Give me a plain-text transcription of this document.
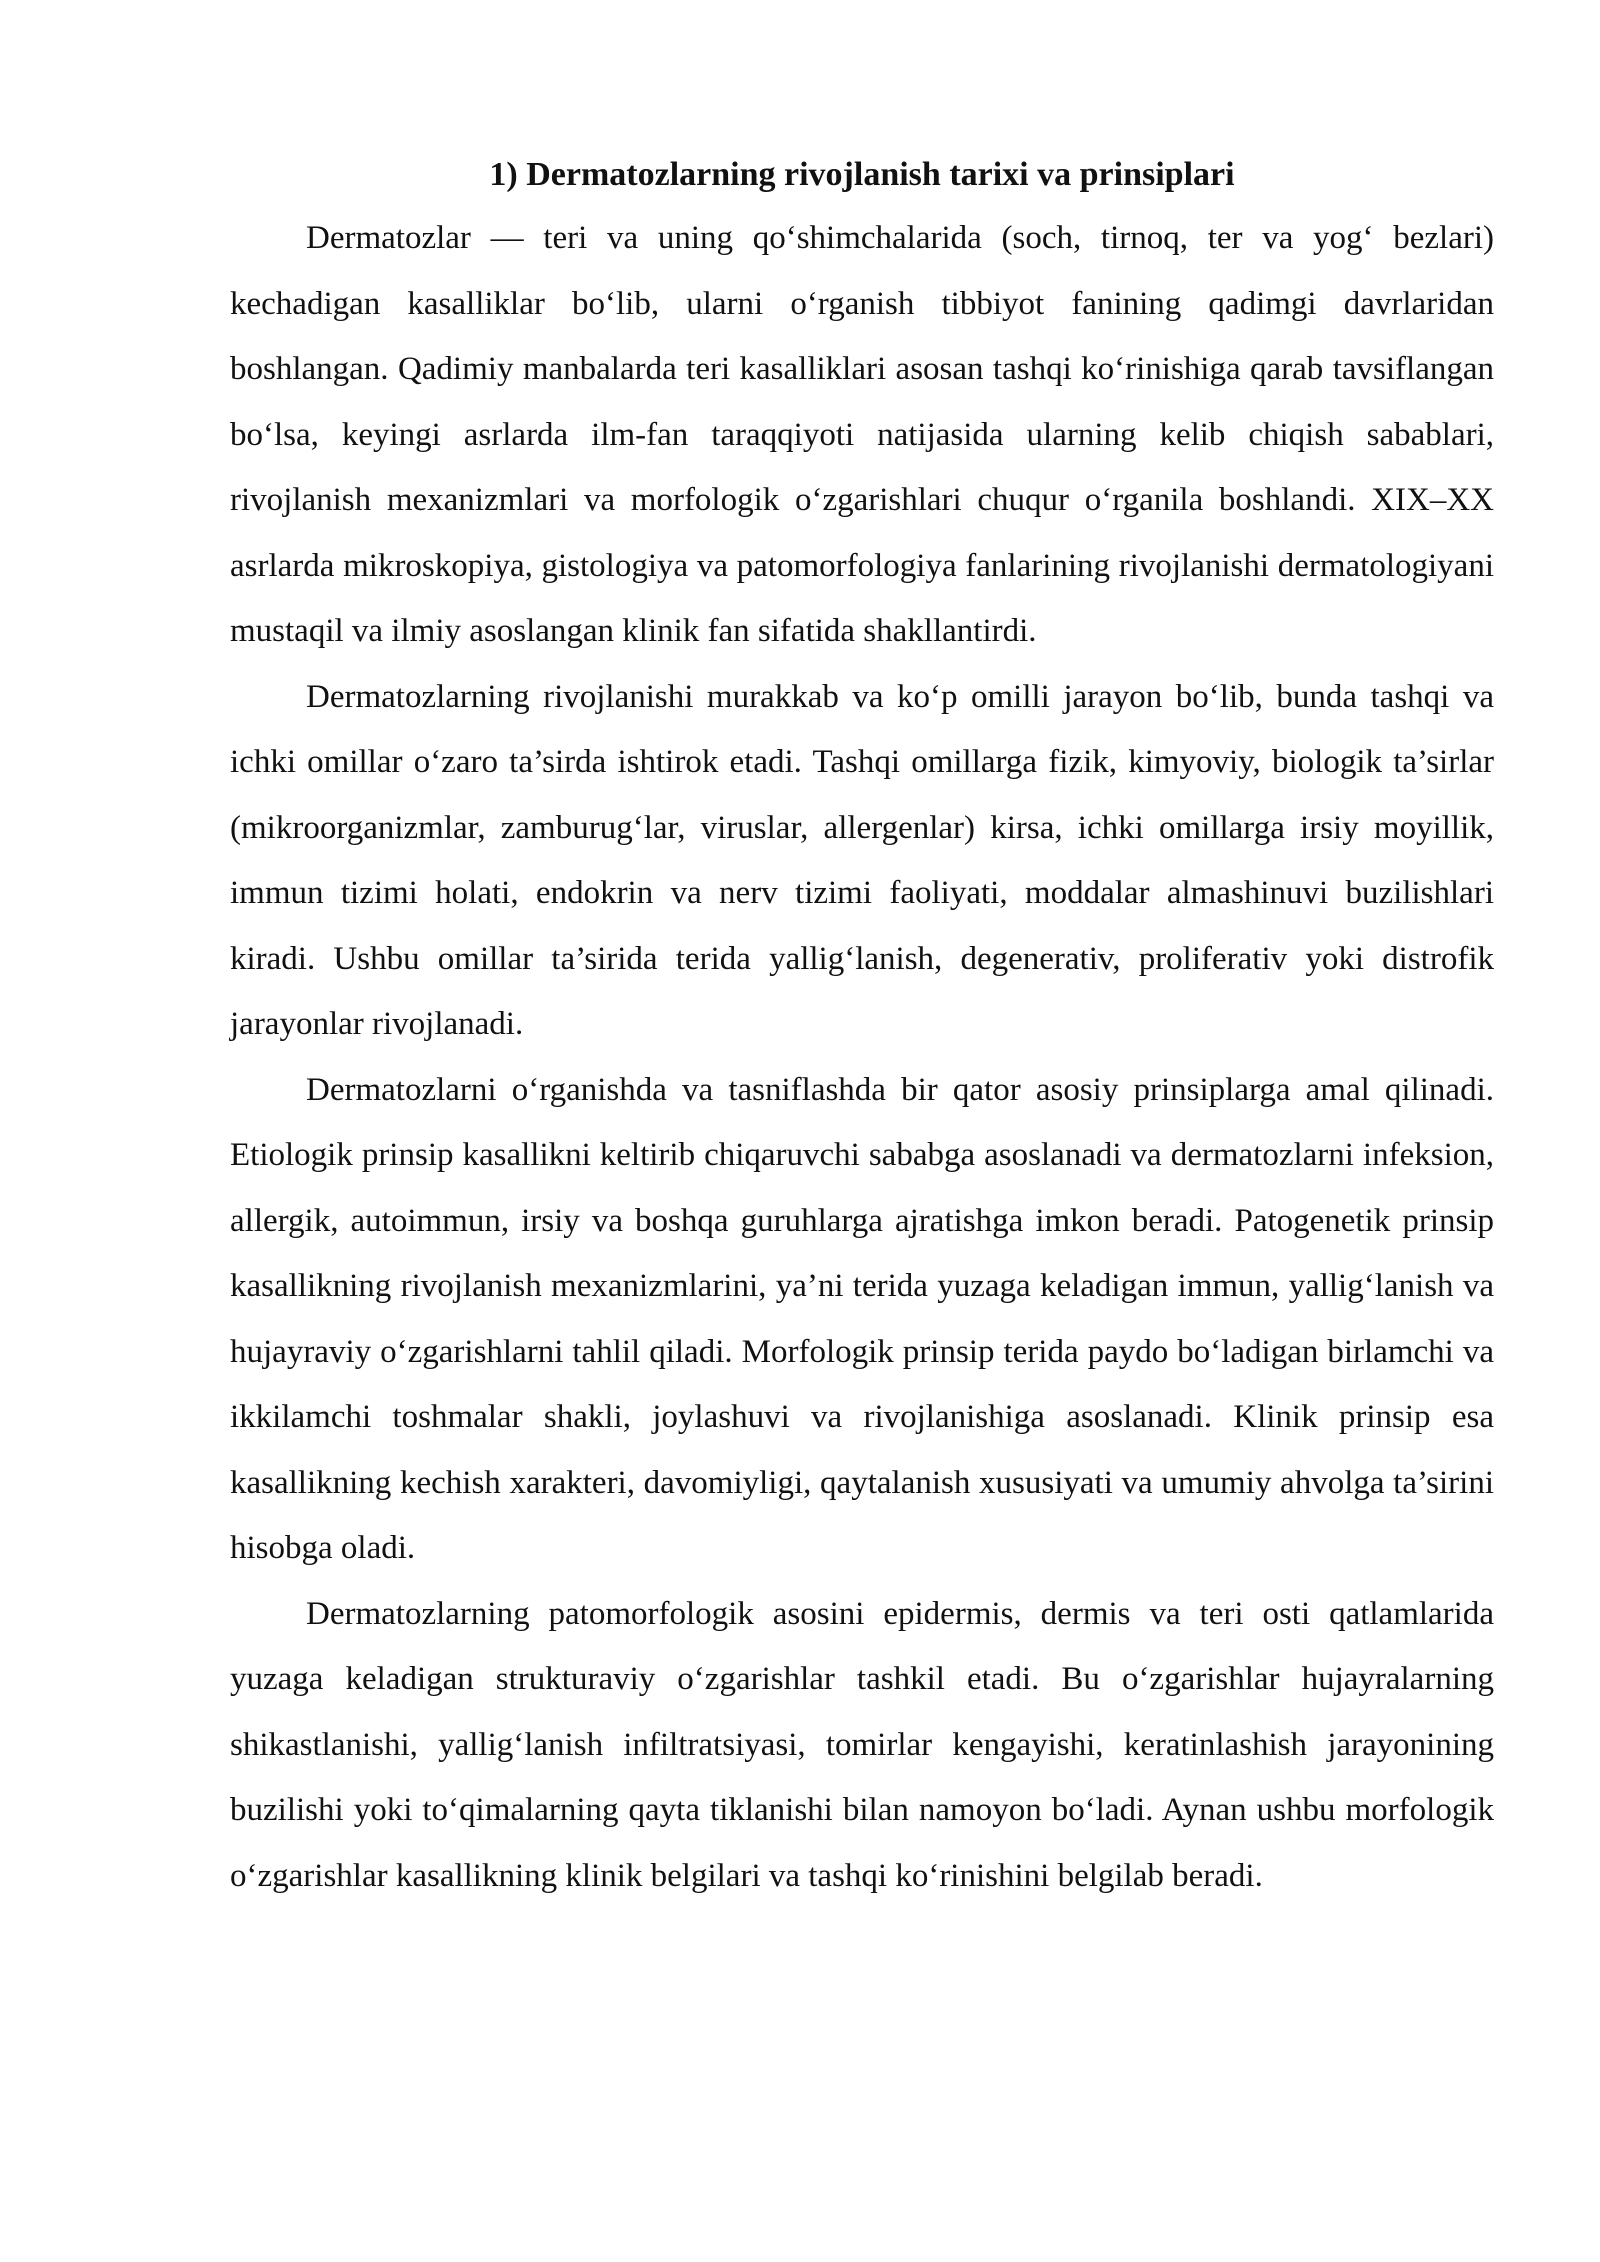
1) Dermatozlarning rivojlanish tarixi va prinsiplari

Dermatozlar — teri va uning qo‘shimchalarida (soch, tirnoq, ter va yog‘ bezlari) kechadigan kasalliklar bo‘lib, ularni o‘rganish tibbiyot fanining qadimgi davrlaridan boshlangan. Qadimiy manbalarda teri kasalliklari asosan tashqi ko‘rinishiga qarab tavsiflangan bo‘lsa, keyingi asrlarda ilm-fan taraqqiyoti natijasida ularning kelib chiqish sabablari, rivojlanish mexanizmlari va morfologik o‘zgarishlari chuqur o‘rganila boshlandi. XIX–XX asrlarda mikroskopiya, gistologiya va patomorfologiya fanlarining rivojlanishi dermatologiyani mustaqil va ilmiy asoslangan klinik fan sifatida shakllantirdi.

Dermatozlarning rivojlanishi murakkab va ko‘p omilli jarayon bo‘lib, bunda tashqi va ichki omillar o‘zaro ta’sirda ishtirok etadi. Tashqi omillarga fizik, kimyoviy, biologik ta’sirlar (mikroorganizmlar, zamburug‘lar, viruslar, allergenlar) kirsa, ichki omillarga irsiy moyillik, immun tizimi holati, endokrin va nerv tizimi faoliyati, moddalar almashinuvi buzilishlari kiradi. Ushbu omillar ta’sirida terida yallig‘lanish, degenerativ, proliferativ yoki distrofik jarayonlar rivojlanadi.

Dermatozlarni o‘rganishda va tasniflashda bir qator asosiy prinsiplarga amal qilinadi. Etiologik prinsip kasallikni keltirib chiqaruvchi sababga asoslanadi va dermatozlarni infeksion, allergik, autoimmun, irsiy va boshqa guruhlarga ajratishga imkon beradi. Patogenetik prinsip kasallikning rivojlanish mexanizmlarini, ya’ni terida yuzaga keladigan immun, yallig‘lanish va hujayraviy o‘zgarishlarni tahlil qiladi. Morfologik prinsip terida paydo bo‘ladigan birlamchi va ikkilamchi toshmalar shakli, joylashuvi va rivojlanishiga asoslanadi. Klinik prinsip esa kasallikning kechish xarakteri, davomiyligi, qaytalanish xususiyati va umumiy ahvolga ta’sirini hisobga oladi.

Dermatozlarning patomorfologik asosini epidermis, dermis va teri osti qatlamlarida yuzaga keladigan strukturaviy o‘zgarishlar tashkil etadi. Bu o‘zgarishlar hujayralarning shikastlanishi, yallig‘lanish infiltratsiyasi, tomirlar kengayishi, keratinlashish jarayonining buzilishi yoki to‘qimalarning qayta tiklanishi bilan namoyon bo‘ladi. Aynan ushbu morfologik o‘zgarishlar kasallikning klinik belgilari va tashqi ko‘rinishini belgilab beradi.
